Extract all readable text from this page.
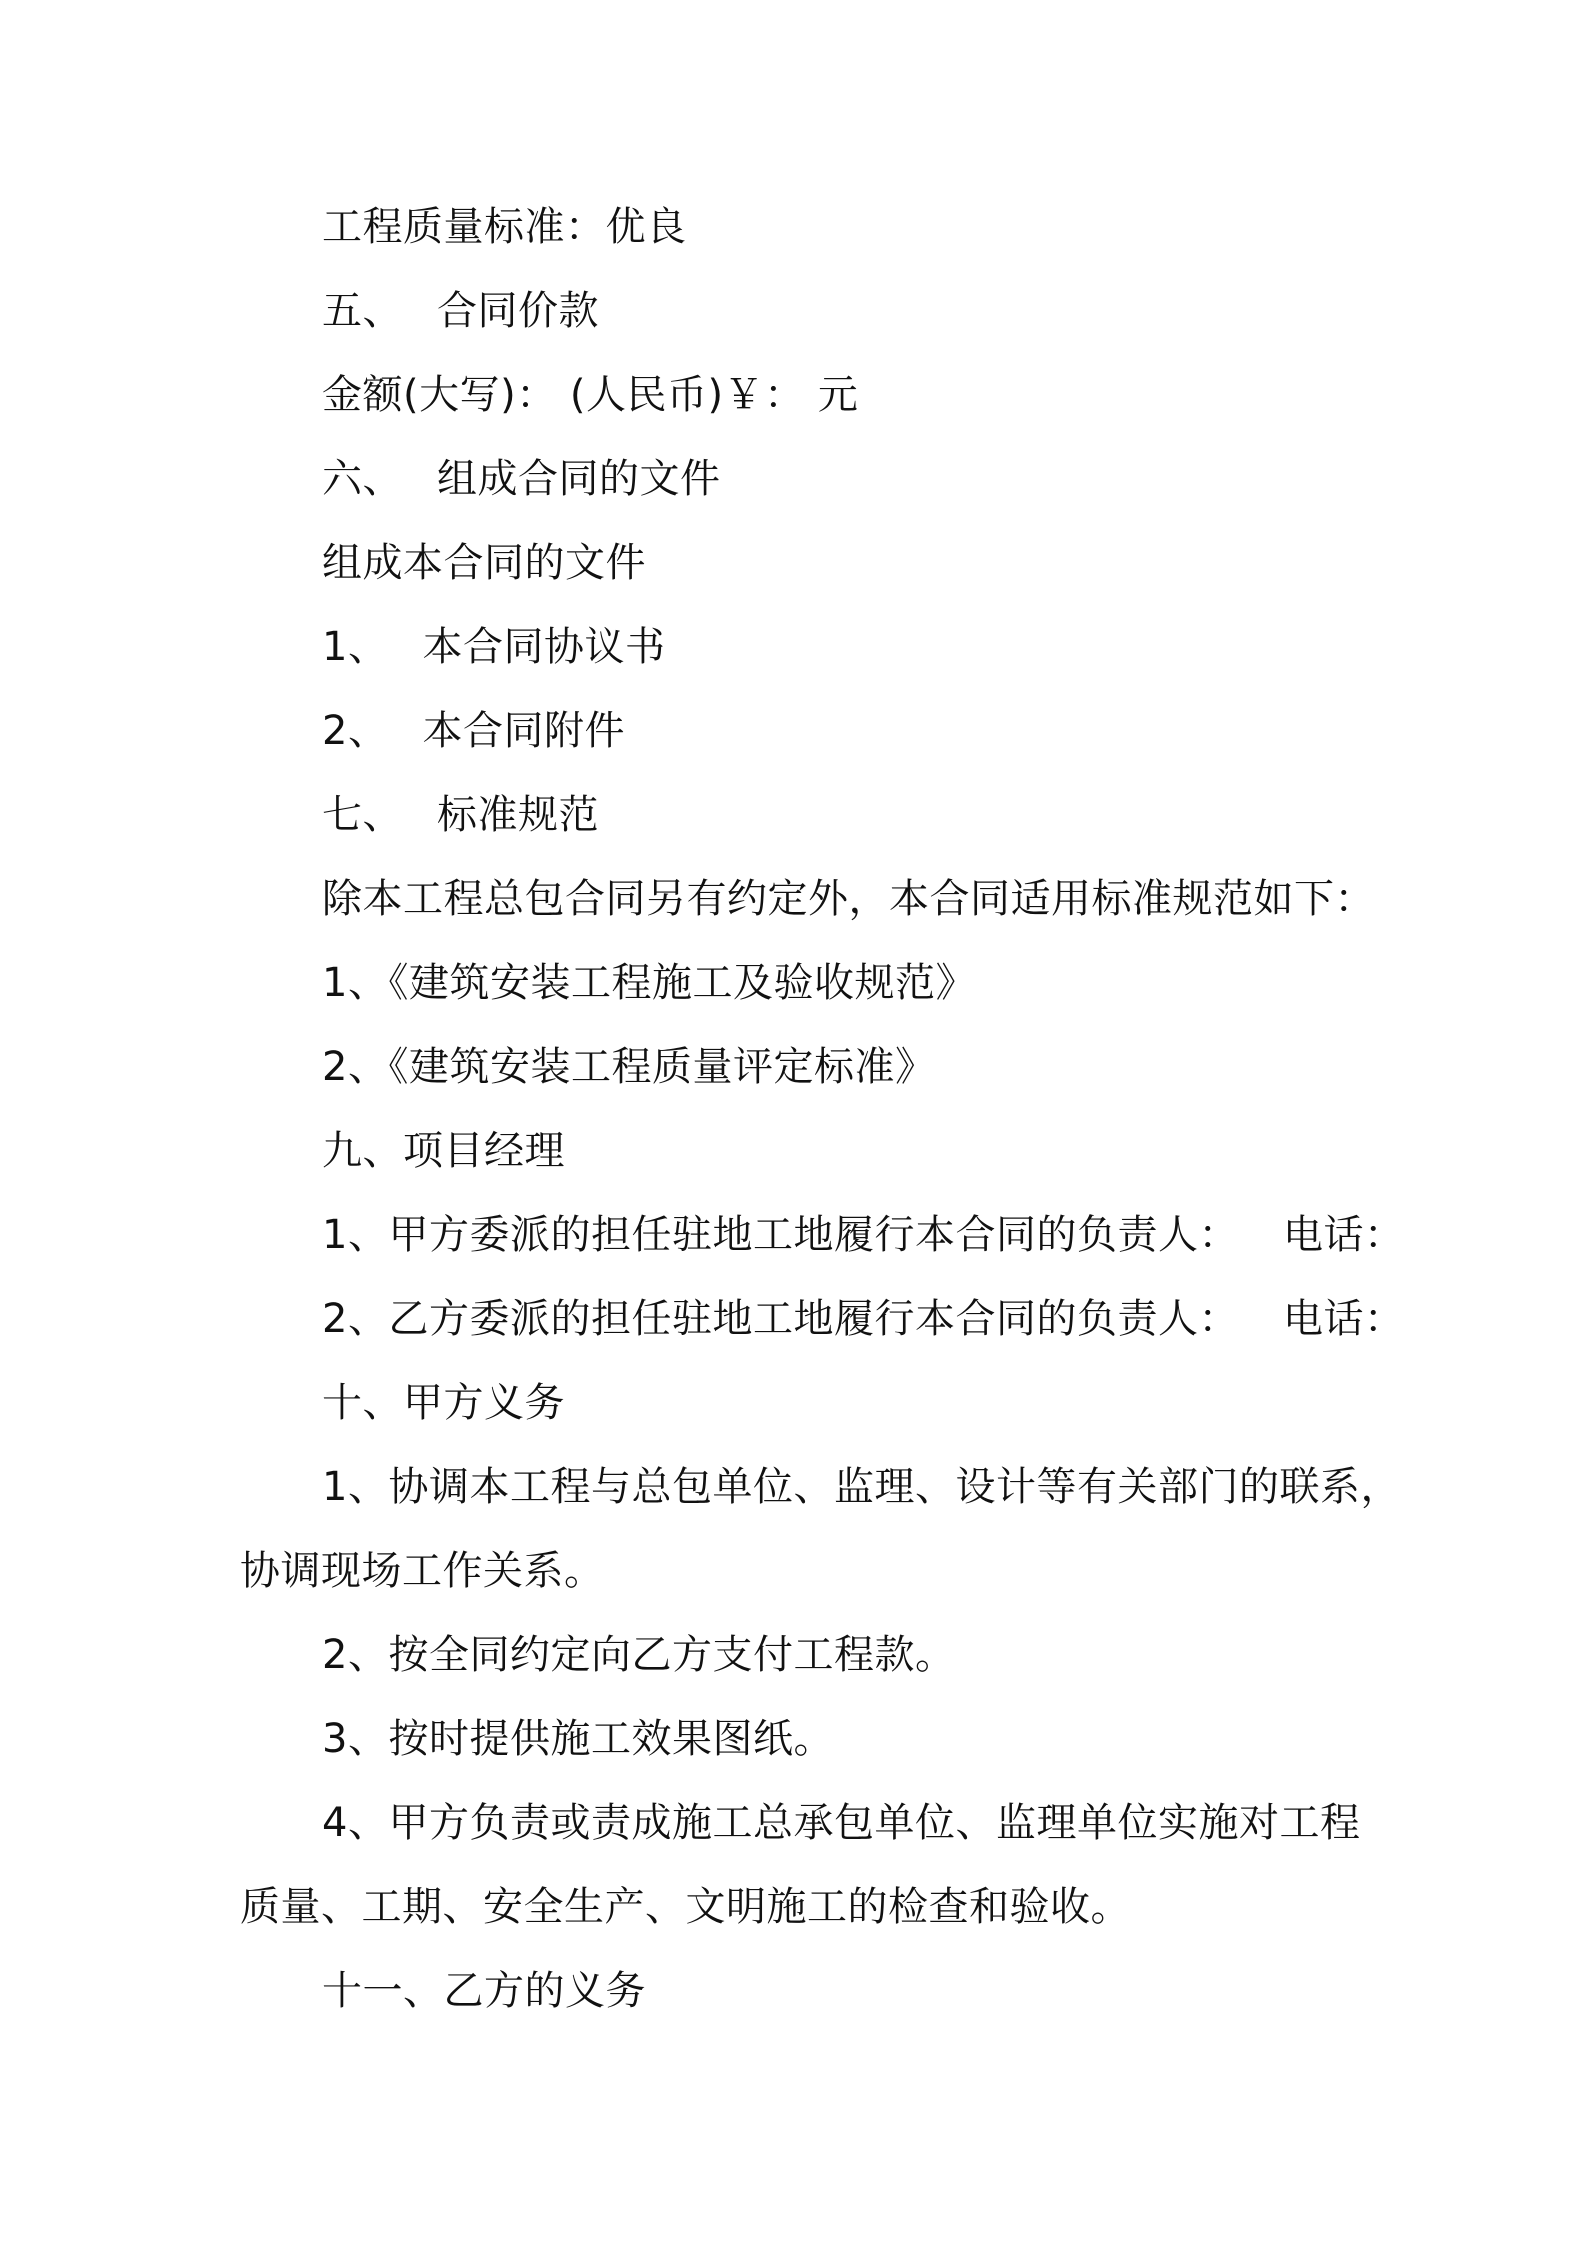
工程质量标准：优良
五、 合同价款
金额(大写)： (人民币)￥： 元
六、 组成合同的文件
组成本合同的文件
1、 本合同协议书
2、 本合同附件
七、 标准规范
除本工程总包合同另有约定外，本合同适用标准规范如下：
1、《建筑安装工程施工及验收规范》
2、《建筑安装工程质量评定标准》
九、项目经理
1、甲方委派的担任驻地工地履行本合同的负责人： 电话：
2、乙方委派的担任驻地工地履行本合同的负责人： 电话：
十、甲方义务
1、协调本工程与总包单位、监理、设计等有关部门的联系，
协调现场工作关系。
2、按全同约定向乙方支付工程款。
3、按时提供施工效果图纸。
4、甲方负责或责成施工总承包单位、监理单位实施对工程
质量、工期、安全生产、文明施工的检查和验收。
十一、乙方的义务
